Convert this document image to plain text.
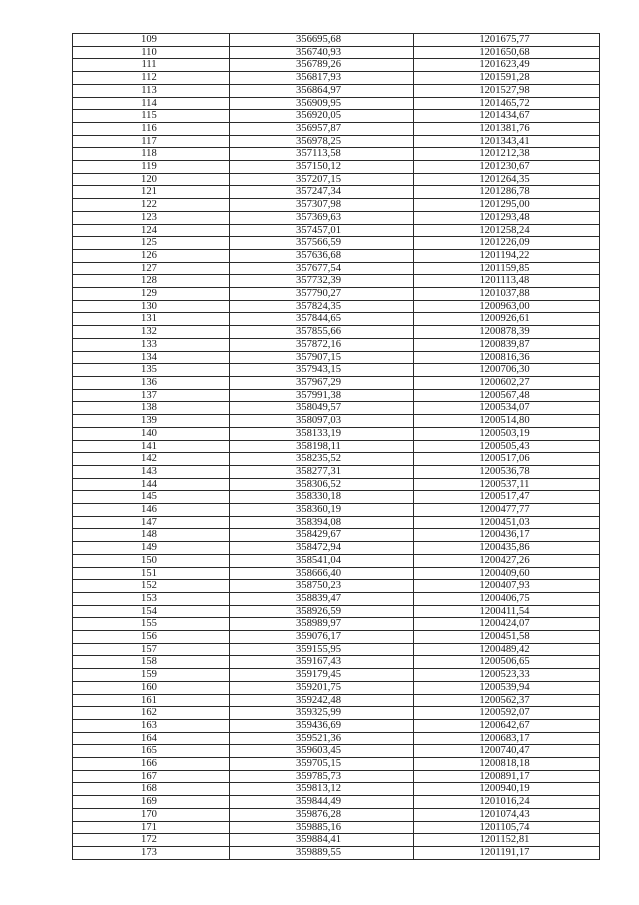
109	356695,68	1201675,77
110	356740,93	1201650,68
111	356789,26	1201623,49
112	356817,93	1201591,28
113	356864,97	1201527,98
114	356909,95	1201465,72
115	356920,05	1201434,67
116	356957,87	1201381,76
117	356978,25	1201343,41
118	357113,58	1201212,38
119	357150,12	1201230,67
120	357207,15	1201264,35
121	357247,34	1201286,78
122	357307,98	1201295,00
123	357369,63	1201293,48
124	357457,01	1201258,24
125	357566,59	1201226,09
126	357636,68	1201194,22
127	357677,54	1201159,85
128	357732,39	1201113,48
129	357790,27	1201037,88
130	357824,35	1200963,00
131	357844,65	1200926,61
132	357855,66	1200878,39
133	357872,16	1200839,87
134	357907,15	1200816,36
135	357943,15	1200706,30
136	357967,29	1200602,27
137	357991,38	1200567,48
138	358049,57	1200534,07
139	358097,03	1200514,80
140	358133,19	1200503,19
141	358198,11	1200505,43
142	358235,52	1200517,06
143	358277,31	1200536,78
144	358306,52	1200537,11
145	358330,18	1200517,47
146	358360,19	1200477,77
147	358394,08	1200451,03
148	358429,67	1200436,17
149	358472,94	1200435,86
150	358541,04	1200427,26
151	358666,40	1200409,60
152	358750,23	1200407,93
153	358839,47	1200406,75
154	358926,59	1200411,54
155	358989,97	1200424,07
156	359076,17	1200451,58
157	359155,95	1200489,42
158	359167,43	1200506,65
159	359179,45	1200523,33
160	359201,75	1200539,94
161	359242,48	1200562,37
162	359325,99	1200592,07
163	359436,69	1200642,67
164	359521,36	1200683,17
165	359603,45	1200740,47
166	359705,15	1200818,18
167	359785,73	1200891,17
168	359813,12	1200940,19
169	359844,49	1201016,24
170	359876,28	1201074,43
171	359885,16	1201105,74
172	359884,41	1201152,81
173	359889,55	1201191,17
